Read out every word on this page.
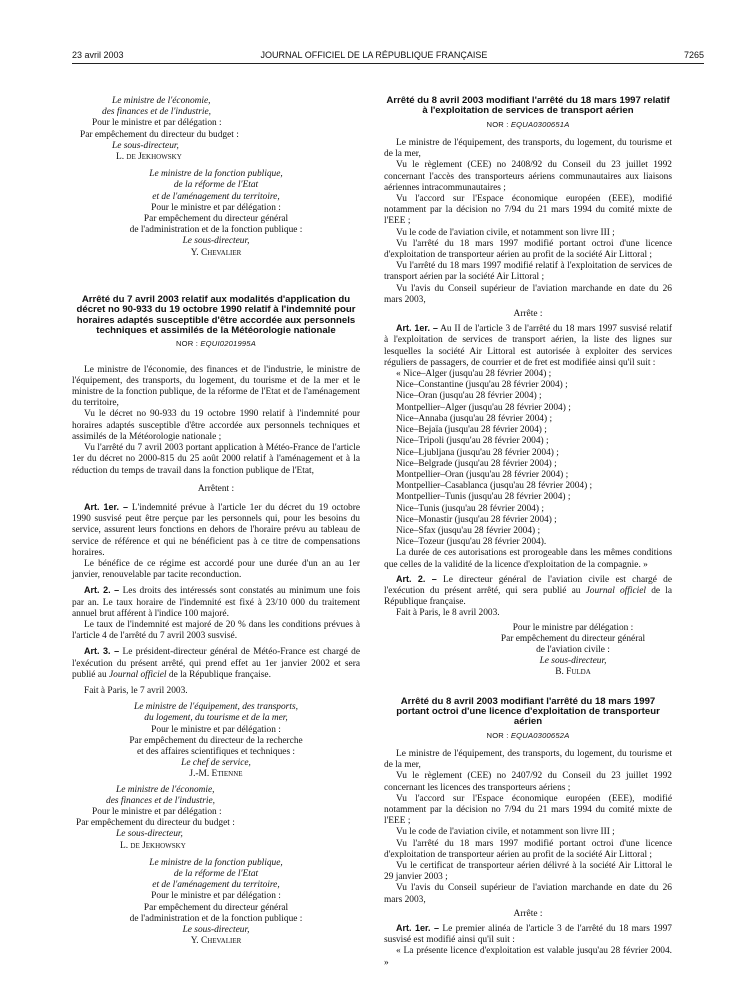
23 avril 2003	JOURNAL OFFICIEL DE LA RÉPUBLIQUE FRANÇAISE	7265

Le ministre de l'économie,

des finances et de l'industrie,

Pour le ministre et par délégation :

Par empêchement du directeur du budget :

Le sous-directeur,

L. de Jekhowsky

Le ministre de la fonction publique,

de la réforme de l'Etat

et de l'aménagement du territoire,

Pour le ministre et par délégation :

Par empêchement du directeur général

de l'administration et de la fonction publique :

Le sous-directeur,

Y. Chevalier

Arrêté du 7 avril 2003 relatif aux modalités d'application du décret no 90-933 du 19 octobre 1990 relatif à l'indemnité pour horaires adaptés susceptible d'être accordée aux personnels techniques et assimilés de la Météorologie nationale

NOR : EQUI0201995A

Le ministre de l'économie, des finances et de l'industrie, le ministre de l'équipement, des transports, du logement, du tourisme et de la mer et le ministre de la fonction publique, de la réforme de l'Etat et de l'aménagement du territoire,

Vu le décret no 90-933 du 19 octobre 1990 relatif à l'indemnité pour horaires adaptés susceptible d'être accordée aux personnels techniques et assimilés de la Météorologie nationale ;

Vu l'arrêté du 7 avril 2003 portant application à Météo-France de l'article 1er du décret no 2000-815 du 25 août 2000 relatif à l'aménagement et à la réduction du temps de travail dans la fonction publique de l'Etat,

Arrêtent :

Art. 1er. – L'indemnité prévue à l'article 1er du décret du 19 octobre 1990 susvisé peut être perçue par les personnels qui, pour les besoins du service, assurent leurs fonctions en dehors de l'horaire prévu au tableau de service de référence et qui ne bénéficient pas à ce titre de compensations horaires.

Le bénéfice de ce régime est accordé pour une durée d'un an au 1er janvier, renouvelable par tacite reconduction.

Art. 2. – Les droits des intéressés sont constatés au minimum une fois par an. Le taux horaire de l'indemnité est fixé à 23/10 000 du traitement annuel brut afférent à l'indice 100 majoré.

Le taux de l'indemnité est majoré de 20 % dans les conditions prévues à l'article 4 de l'arrêté du 7 avril 2003 susvisé.

Art. 3. – Le président-directeur général de Météo-France est chargé de l'exécution du présent arrêté, qui prend effet au 1er janvier 2002 et sera publié au Journal officiel de la République française.

Fait à Paris, le 7 avril 2003.

Le ministre de l'équipement, des transports,

du logement, du tourisme et de la mer,

Pour le ministre et par délégation :

Par empêchement du directeur de la recherche

et des affaires scientifiques et techniques :

Le chef de service,

J.-M. Etienne

Le ministre de l'économie,

des finances et de l'industrie,

Pour le ministre et par délégation :

Par empêchement du directeur du budget :

Le sous-directeur,

L. de Jekhowsky

Le ministre de la fonction publique,

de la réforme de l'Etat

et de l'aménagement du territoire,

Pour le ministre et par délégation :

Par empêchement du directeur général

de l'administration et de la fonction publique :

Le sous-directeur,

Y. Chevalier

Arrêté du 8 avril 2003 modifiant l'arrêté du 18 mars 1997 relatif à l'exploitation de services de transport aérien

NOR : EQUA0300651A

Le ministre de l'équipement, des transports, du logement, du tourisme et de la mer,

Vu le règlement (CEE) no 2408/92 du Conseil du 23 juillet 1992 concernant l'accès des transporteurs aériens communautaires aux liaisons aériennes intracommunautaires ;

Vu l'accord sur l'Espace économique européen (EEE), modifié notamment par la décision no 7/94 du 21 mars 1994 du comité mixte de l'EEE ;

Vu le code de l'aviation civile, et notamment son livre III ;

Vu l'arrêté du 18 mars 1997 modifié portant octroi d'une licence d'exploitation de transporteur aérien au profit de la société Air Littoral ;

Vu l'arrêté du 18 mars 1997 modifié relatif à l'exploitation de services de transport aérien par la société Air Littoral ;

Vu l'avis du Conseil supérieur de l'aviation marchande en date du 26 mars 2003,

Arrête :

Art. 1er. – Au II de l'article 3 de l'arrêté du 18 mars 1997 susvisé relatif à l'exploitation de services de transport aérien, la liste des lignes sur lesquelles la société Air Littoral est autorisée à exploiter des services réguliers de passagers, de courrier et de fret est modifiée ainsi qu'il suit :

« Nice–Alger (jusqu'au 28 février 2004) ;

Nice–Constantine (jusqu'au 28 février 2004) ;

Nice–Oran (jusqu'au 28 février 2004) ;

Montpellier–Alger (jusqu'au 28 février 2004) ;

Nice–Annaba (jusqu'au 28 février 2004) ;

Nice–Bejaïa (jusqu'au 28 février 2004) ;

Nice–Tripoli (jusqu'au 28 février 2004) ;

Nice–Ljubljana (jusqu'au 28 février 2004) ;

Nice–Belgrade (jusqu'au 28 février 2004) ;

Montpellier–Oran (jusqu'au 28 février 2004) ;

Montpellier–Casablanca (jusqu'au 28 février 2004) ;

Montpellier–Tunis (jusqu'au 28 février 2004) ;

Nice–Tunis (jusqu'au 28 février 2004) ;

Nice–Monastir (jusqu'au 28 février 2004) ;

Nice–Sfax (jusqu'au 28 février 2004) ;

Nice–Tozeur (jusqu'au 28 février 2004).

La durée de ces autorisations est prorogeable dans les mêmes conditions que celles de la validité de la licence d'exploitation de la compagnie. »

Art. 2. – Le directeur général de l'aviation civile est chargé de l'exécution du présent arrêté, qui sera publié au Journal officiel de la République française.

Fait à Paris, le 8 avril 2003.

Pour le ministre par délégation :

Par empêchement du directeur général

de l'aviation civile :

Le sous-directeur,

B. Fulda

Arrêté du 8 avril 2003 modifiant l'arrêté du 18 mars 1997 portant octroi d'une licence d'exploitation de transporteur aérien

NOR : EQUA0300652A

Le ministre de l'équipement, des transports, du logement, du tourisme et de la mer,

Vu le règlement (CEE) no 2407/92 du Conseil du 23 juillet 1992 concernant les licences des transporteurs aériens ;

Vu l'accord sur l'Espace économique européen (EEE), modifié notamment par la décision no 7/94 du 21 mars 1994 du comité mixte de l'EEE ;

Vu le code de l'aviation civile, et notamment son livre III ;

Vu l'arrêté du 18 mars 1997 modifié portant octroi d'une licence d'exploitation de transporteur aérien au profit de la société Air Littoral ;

Vu le certificat de transporteur aérien délivré à la société Air Littoral le 29 janvier 2003 ;

Vu l'avis du Conseil supérieur de l'aviation marchande en date du 26 mars 2003,

Arrête :

Art. 1er. – Le premier alinéa de l'article 3 de l'arrêté du 18 mars 1997 susvisé est modifié ainsi qu'il suit :

« La présente licence d'exploitation est valable jusqu'au 28 février 2004. »
